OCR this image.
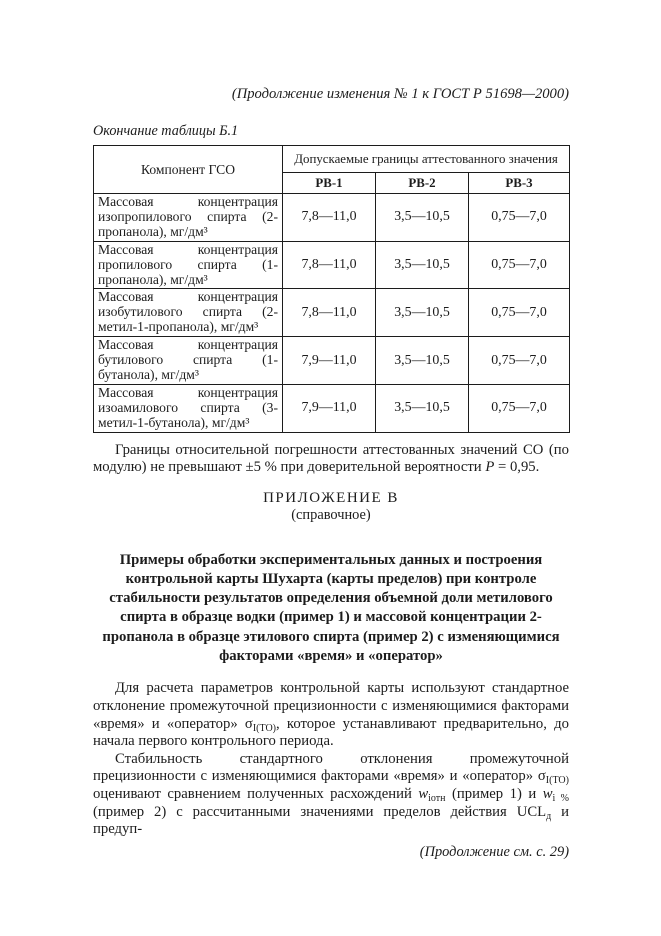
(Продолжение изменения № 1 к ГОСТ Р 51698—2000)
Окончание таблицы Б.1
Компонент ГСО	Допускаемые границы аттестованного значения		
	РВ-1	РВ-2	РВ-3
Массовая концентрация изопропилового спирта (2-пропанола), мг/дм³	7,8—11,0	3,5—10,5	0,75—7,0
Массовая концентрация пропилового спирта (1-пропанола), мг/дм³	7,8—11,0	3,5—10,5	0,75—7,0
Массовая концентрация изобутилового спирта (2-метил-1-пропанола), мг/дм³	7,8—11,0	3,5—10,5	0,75—7,0
Массовая концентрация бутилового спирта (1-бутанола), мг/дм³	7,9—11,0	3,5—10,5	0,75—7,0
Массовая концентрация изоамилового спирта (3-метил-1-бутанола), мг/дм³	7,9—11,0	3,5—10,5	0,75—7,0

Границы относительной погрешности аттестованных значений СО (по модулю) не превышают ±5 % при доверительной вероятности Р = 0,95.

ПРИЛОЖЕНИЕ В
(справочное)
Примеры обработки экспериментальных данных и построения контрольной карты Шухарта (карты пределов) при контроле стабильности результатов определения объемной доли метилового спирта в образце водки (пример 1) и массовой концентрации 2-пропанола в образце этилового спирта (пример 2) с изменяющимися факторами «время» и «оператор»

Для расчета параметров контрольной карты используют стандартное отклонение промежуточной прецизионности с изменяющимися факторами «время» и «оператор» $\sigma_{I(ТО)}$, которое устанавливают предварительно, до начала первого контрольного периода.

Стабильность стандартного отклонения промежуточной прецизионности с изменяющимися факторами «время» и «оператор» $\sigma_{I(ТО)}$ оценивают сравнением полученных расхождений $w_{iотн}$ (пример 1) и $w_{i \%}$ (пример 2) с рассчитанными значениями пределов действия $UCL_д$ и предуп-

(Продолжение см. с. 29)
